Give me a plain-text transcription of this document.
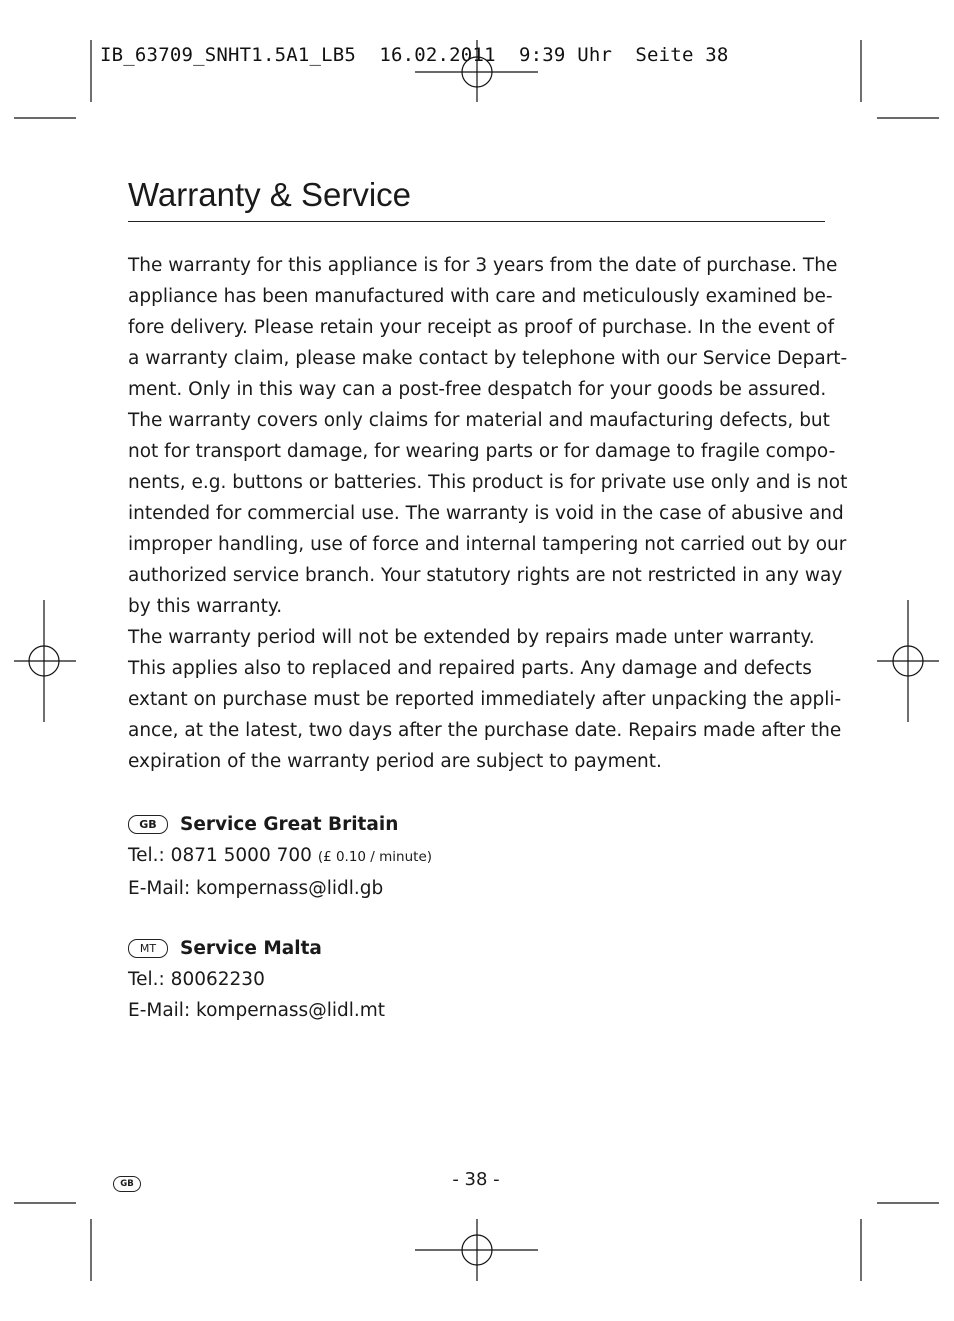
IB_63709_SNHT1.5A1_LB5  16.02.2011  9:39 Uhr  Seite 38
Warranty & Service
The warranty for this appliance is for 3 years from the date of purchase. The
appliance has been manufactured with care and meticulously examined be-
fore delivery. Please retain your receipt as proof of purchase. In the event of
a warranty claim, please make contact by telephone with our Service Depart-
ment. Only in this way can a post-free despatch for your goods be assured.
The warranty covers only claims for material and maufacturing defects, but
not for transport damage, for wearing parts or for damage to fragile compo-
nents, e.g. buttons or batteries. This product is for private use only and is not
intended for commercial use. The warranty is void in the case of abusive and
improper handling, use of force and internal tampering not carried out by our
authorized service branch. Your statutory rights are not restricted in any way
by this warranty.
The warranty period will not be extended by repairs made unter warranty.
This applies also to replaced and repaired parts. Any damage and defects
extant on purchase must be reported immediately after unpacking the appli-
ance, at the latest, two days after the purchase date. Repairs made after the
expiration of the warranty period are subject to payment.
GB	Service Great Britain
Tel.: 0871 5000 700 (£ 0.10 / minute)
E-Mail: kompernass@lidl.gb
MT	Service Malta
Tel.: 80062230
E-Mail: kompernass@lidl.mt
GB	- 38 -
